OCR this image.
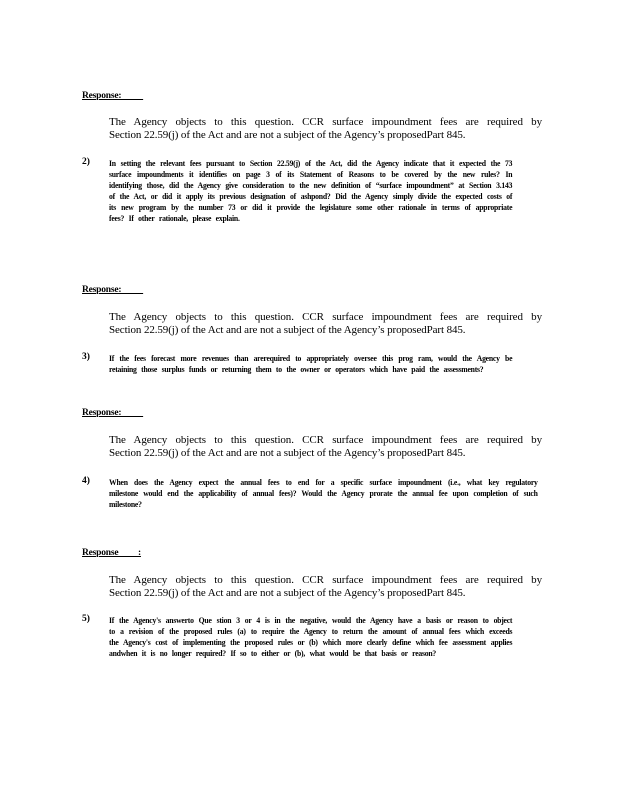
Response:
The Agency objects to this question. CCR surface impoundment fees are required by
Section 22.59(j) of the Act and are not a subject of the Agency’s proposedPart 845.
2) In setting the relevant fees pursuant to Section 22.59(j) of the Act, did the Agency indicate that it expected the 73 surface impoundments it identifies on page 3 of its Statement of Reasons to be covered by the new rules? In identifying those, did the Agency give consideration to the new definition of “surface impoundment” at Section 3.143 of the Act, or did it apply its previous designation of ashpond? Did the Agency simply divide the expected costs of its new program by the number 73 or did it provide the legislature some other rationale in terms of appropriate fees? If other rationale, please explain.
Response:
The Agency objects to this question. CCR surface impoundment fees are required by
Section 22.59(j) of the Act and are not a subject of the Agency’s proposedPart 845.
3) If the fees forecast more revenues than arerequired to appropriately oversee this prog ram, would the Agency be retaining those surplus funds or returning them to the owner or operators which have paid the assessments?
Response:
The Agency objects to this question. CCR surface impoundment fees are required by
Section 22.59(j) of the Act and are not a subject of the Agency’s proposedPart 845.
4) When does the Agency expect the annual fees to end for a specific surface impoundment (i.e., what key regulatory milestone would end the applicability of annual fees)? Would the Agency prorate the annual fee upon completion of such milestone?
Response         :
The Agency objects to this question. CCR surface impoundment fees are required by
Section 22.59(j) of the Act and are not a subject of the Agency’s proposedPart 845.
5) If the Agency's answerto Que stion 3 or 4 is in the negative, would the Agency have a basis or reason to object to a revision of the proposed rules (a) to require the Agency to return the amount of annual fees which exceeds the Agency's cost of implementing the proposed rules or (b) which more clearly define which fee assessment applies andwhen it is no longer required? If so to either or (b), what would be that basis or reason?
